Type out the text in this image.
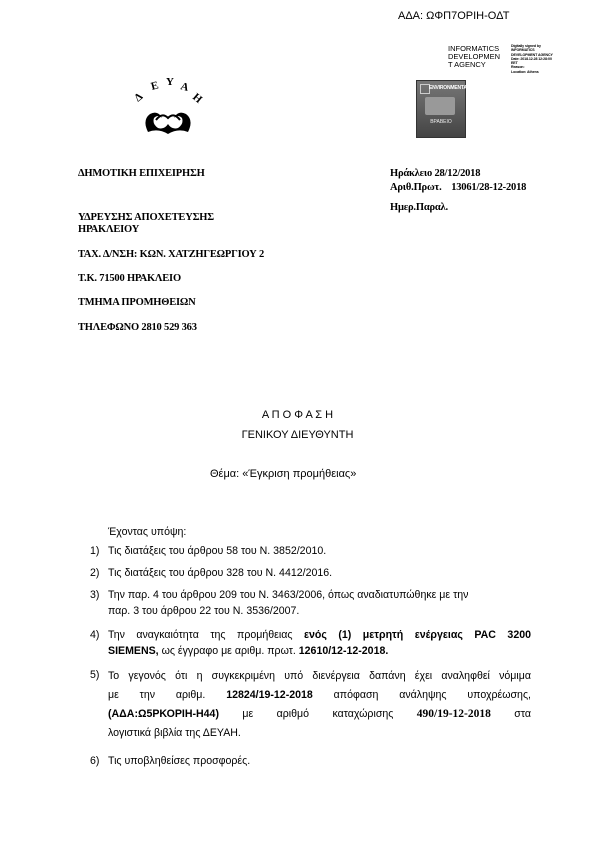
ΑΔΑ: ΩΦΠ7ΟΡΙΗ-ΟΔΤ
Δ
Ε Υ Α
Η
INFORMATICS
DEVELOPMEN
T AGENCY
Digitally signed by
INFORMATICS
DEVELOPMENT AGENCY
Date: 2018.12.28 12:28:00
EET
Reason:
Location: Athens
ENVIRONMENTAL
ΒΡΑΒΕΙΟ
ΔΗΜΟΤΙΚΗ ΕΠΙΧΕΙΡΗΣΗ
ΥΔΡΕΥΣΗΣ ΑΠΟΧΕΤΕΥΣΗΣ
ΗΡΑΚΛΕΙΟΥ
ΤΑΧ. Δ/ΝΣΗ: ΚΩΝ. ΧΑΤΖΗΓΕΩΡΓΙΟΥ 2
Τ.Κ. 71500 ΗΡΑΚΛΕΙΟ
ΤΜΗΜΑ ΠΡΟΜΗΘΕΙΩΝ
ΤΗΛΕΦΩΝΟ 2810 529 363
Ηράκλειο 28/12/2018
Αριθ.Πρωτ. 13061/28-12-2018
Ημερ.Παραλ.
Α Π Ο Φ Α Σ Η
ΓΕΝΙΚΟΥ ΔΙΕΥΘΥΝΤΗ
Θέμα: «Έγκριση προμήθειας»
Έχοντας υπόψη:
1) Τις διατάξεις του άρθρου 58 του Ν. 3852/2010.
2) Τις διατάξεις του άρθρου 328 του Ν. 4412/2016.
3) Την παρ. 4 του άρθρου 209 του Ν. 3463/2006, όπως αναδιατυπώθηκε με την
παρ. 3 του άρθρου 22 του Ν. 3536/2007.
4) Την αναγκαιότητα της προμήθειας ενός (1) μετρητή ενέργειας PAC 3200
SIEMENS, ως έγγραφο με αριθμ. πρωτ. 12610/12-12-2018.
5) Το γεγονός ότι η συγκεκριμένη υπό διενέργεια δαπάνη έχει αναληφθεί νόμιμα
με την αριθμ. 12824/19-12-2018 απόφαση ανάληψης υποχρέωσης,
(ΑΔΑ:Ω5ΡΚΟΡΙΗ-Η44) με αριθμό καταχώρισης 490/19-12-2018 στα
λογιστικά βιβλία της ΔΕΥΑΗ.
6) Τις υποβληθείσες προσφορές.
